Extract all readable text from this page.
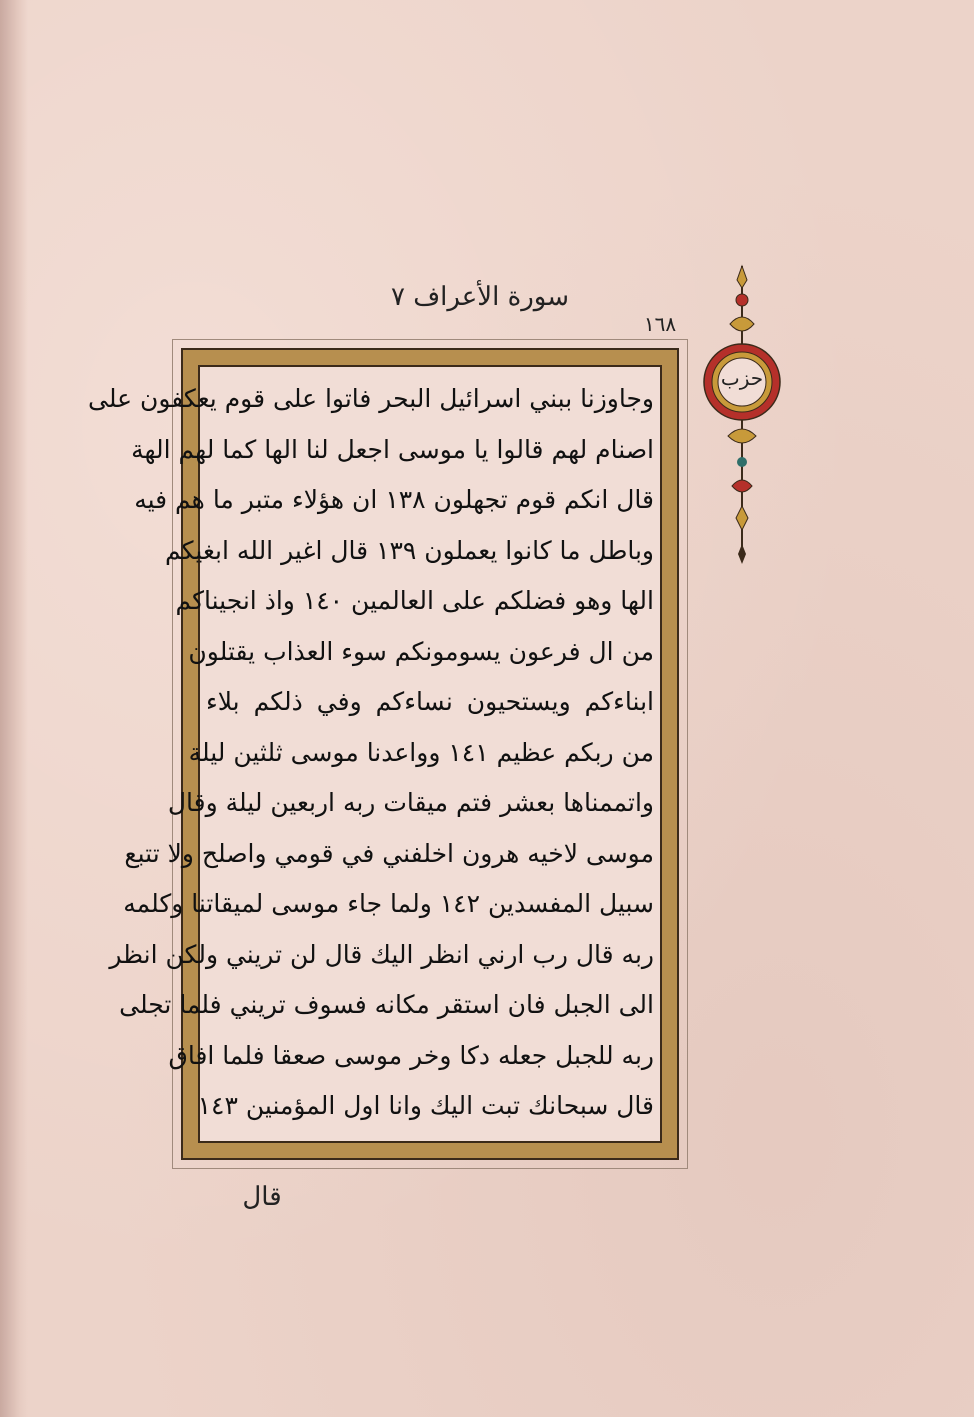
سورة الأعراف ٧
١٦٨
حزب
وجاوزنا ببني اسرائيل البحر فاتوا على قوم يعكفون على
اصنام لهم قالوا يا موسى اجعل لنا الها كما لهم الهة
قال انكم قوم تجهلون ١٣٨ ان هؤلاء متبر ما هم فيه
وباطل ما كانوا يعملون ١٣٩ قال اغير الله ابغيكم
الها وهو فضلكم على العالمين ١٤٠ واذ انجيناكم
من ال فرعون يسومونكم سوء العذاب يقتلون
ابناءكم ويستحيون نساءكم وفي ذلكم بلاء
من ربكم عظيم ١٤١ وواعدنا موسى ثلثين ليلة
واتممناها بعشر فتم ميقات ربه اربعين ليلة وقال
موسى لاخيه هرون اخلفني في قومي واصلح ولا تتبع
سبيل المفسدين ١٤٢ ولما جاء موسى لميقاتنا وكلمه
ربه قال رب ارني انظر اليك قال لن تريني ولكن انظر
الى الجبل فان استقر مكانه فسوف تريني فلما تجلى
ربه للجبل جعله دكا وخر موسى صعقا فلما افاق
قال سبحانك تبت اليك وانا اول المؤمنين ١٤٣
قال
